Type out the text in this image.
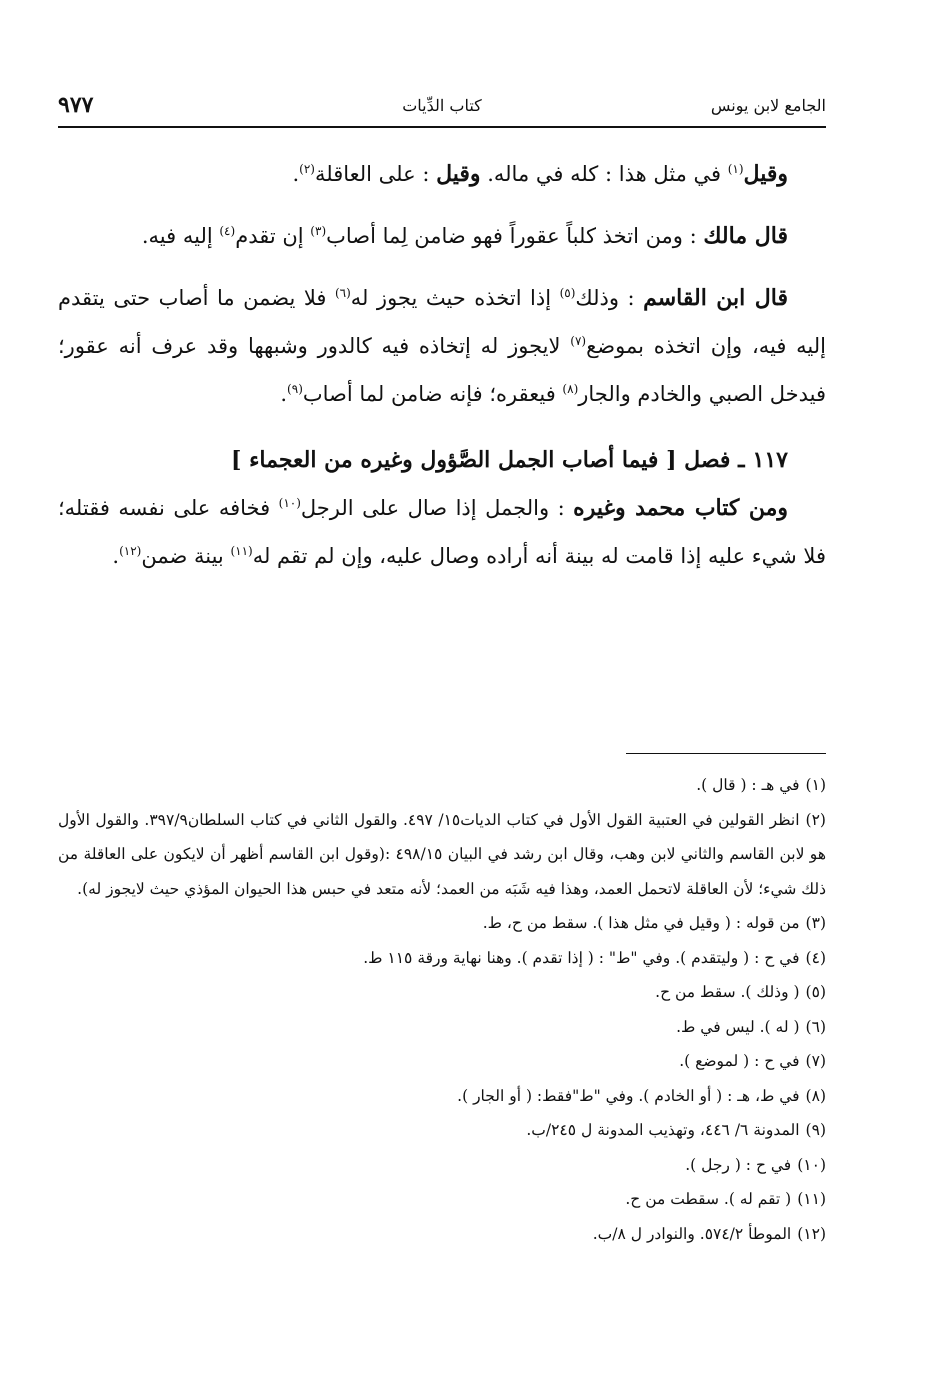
الجامع لابن يونس
كتاب الدِّيات
٩٧٧

وقيل$^{(١)}$ في مثل هذا : كله في ماله. وقيل : على العاقلة$^{(٢)}$.

قال مالك : ومن اتخذ كلباً عقوراً فهو ضامن لِما أصاب$^{(٣)}$ إن تقدم$^{(٤)}$ إليه فيه.

قال ابن القاسم : وذلك$^{(٥)}$ إذا اتخذه حيث يجوز له$^{(٦)}$ فلا يضمن ما أصاب حتى يتقدم إليه فيه، وإن اتخذه بموضع$^{(٧)}$ لايجوز له إتخاذه فيه كالدور وشبهها وقد عرف أنه عقور؛ فيدخل الصبي والخادم والجار$^{(٨)}$ فيعقره؛ فإنه ضامن لما أصاب$^{(٩)}$.

١١٧ـ فصل [ فيما أصاب الجمل الصَّؤول وغيره من العجماء ]

ومن كتاب محمد وغيره : والجمل إذا صال على الرجل$^{(١٠)}$ فخافه على نفسه فقتله؛ فلا شيء عليه إذا قامت له بينة أنه أراده وصال عليه، وإن لم تقم له$^{(١١)}$ بينة ضمن$^{(١٢)}$.

(١)في هـ : ( قال ).

(٢)انظر القولين في العتبية القول الأول في كتاب الديات١٥/ ٤٩٧. والقول الثاني في كتاب السلطان٣٩٧/٩. والقول الأول هو لابن القاسم والثاني لابن وهب، وقال ابن رشد في البيان ٤٩٨/١٥ :(وقول ابن القاسم أظهر أن لايكون على العاقلة من ذلك شيء؛ لأن العاقلة لاتحمل العمد، وهذا فيه شَبَه من العمد؛ لأنه متعد في حبس هذا الحيوان المؤذي حيث لايجوز له).

(٣)من قوله : ( وقيل في مثل هذا ). سقط من ح، ط.

(٤)في ح : ( وليتقدم ). وفي "ط" : ( إذا تقدم ). وهنا نهاية ورقة ١١٥ ط.

(٥)( وذلك ). سقط من ح.

(٦)( له ). ليس في ط.

(٧)في ح : ( لموضع ).

(٨)في ط، هـ : ( أو الخادم ). وفي "ط"فقط: ( أو الجار ).

(٩)المدونة ٦/ ٤٤٦، وتهذيب المدونة ل ٢٤٥/ب.

(١٠)في ح : ( رجل ).

(١١)( تقم له ). سقطت من ح.

(١٢)الموطأ ٥٧٤/٢. والنوادر ل ٨/ب.
